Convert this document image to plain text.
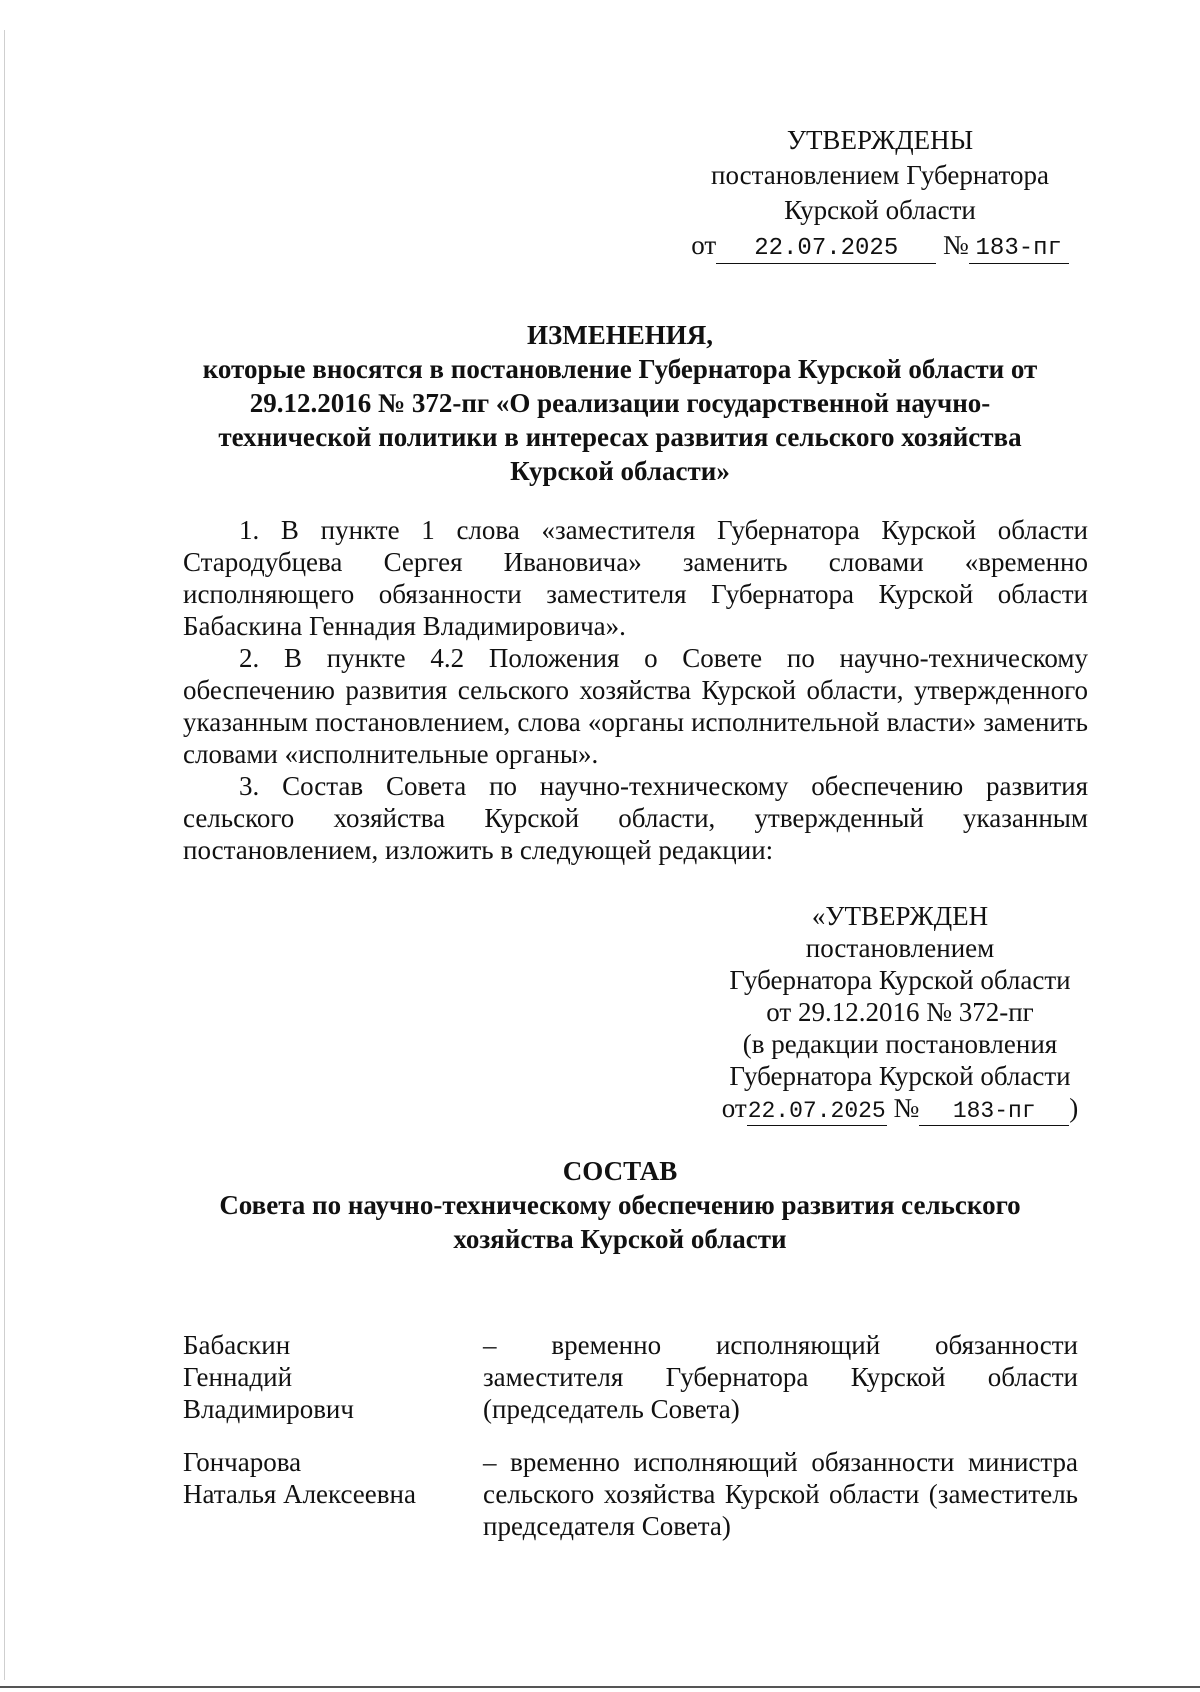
УТВЕРЖДЕНЫ
постановлением Губернатора
Курской области
от 22.07.2025 № 183-пг
ИЗМЕНЕНИЯ,
которые вносятся в постановление Губернатора Курской области от
29.12.2016 № 372-пг «О реализации государственной научно-
технической политики в интересах развития сельского хозяйства
Курской области»

1. В пункте 1 слова «заместителя Губернатора Курской области Стародубцева Сергея Ивановича» заменить словами «временно исполняющего обязанности заместителя Губернатора Курской области Бабаскина Геннадия Владимировича».

2. В пункте 4.2 Положения о Совете по научно-техническому обеспечению развития сельского хозяйства Курской области, утвержденного указанным постановлением, слова «органы исполнительной власти» заменить словами «исполнительные органы».

3. Состав Совета по научно-техническому обеспечению развития сельского хозяйства Курской области, утвержденный указанным постановлением, изложить в следующей редакции:

«УТВЕРЖДЕН
постановлением
Губернатора Курской области
от 29.12.2016 № 372-пг
(в редакции постановления
Губернатора Курской области
от22.07.2025 № 183-пг )
СОСТАВ
Совета по научно-техническому обеспечению развития сельского
хозяйства Курской области
Бабаскин
Геннадий
Владимирович
– временно исполняющий обязанности заместителя Губернатора Курской области (председатель Совета)
Гончарова
Наталья Алексеевна
– временно исполняющий обязанности министра сельского хозяйства Курской области (заместитель председателя Совета)
